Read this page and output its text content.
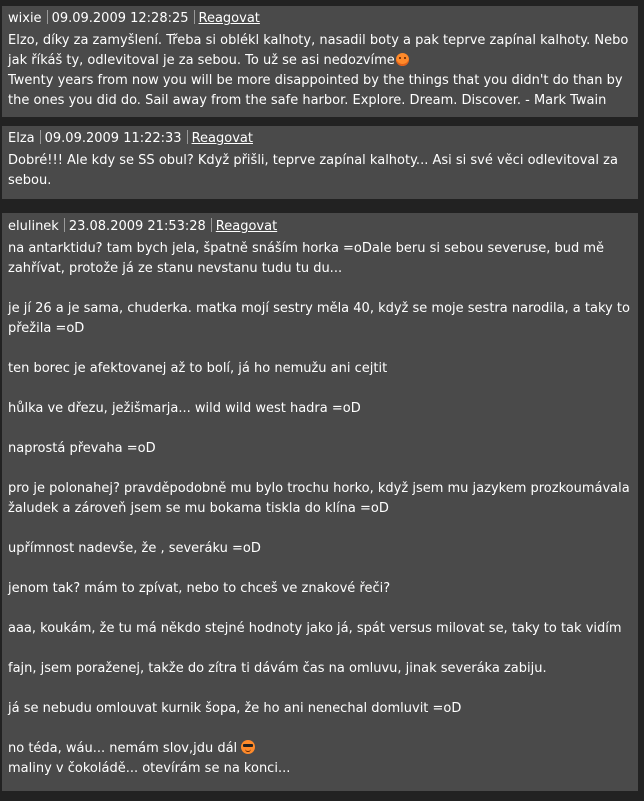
wixie 09.09.2009 12:28:25 Reagovat

Elzo, díky za zamyšlení. Třeba si oblékl kalhoty, nasadil boty a pak teprve zapínal kalhoty. Nebo jak říkáš ty, odlevitoval je za sebou. To už se asi nedozvíme

Twenty years from now you will be more disappointed by the things that you didn't do than by the ones you did do. Sail away from the safe harbor. Explore. Dream. Discover. - Mark Twain

Elza 09.09.2009 11:22:33 Reagovat

Dobré!!! Ale kdy se SS obul? Když přišli, teprve zapínal kalhoty... Asi si své věci odlevitoval za sebou.

elulinek 23.08.2009 21:53:28 Reagovat

na antarktidu? tam bych jela, špatně snáším horka =oDale beru si sebou severuse, bud mě zahřívat, protože já ze stanu nevstanu tudu tu du...

je jí 26 a je sama, chuderka. matka mojí sestry měla 40, když se moje sestra narodila, a taky to přežila =oD

ten borec je afektovanej až to bolí, já ho nemužu ani cejtit

hůlka ve dřezu, ježišmarja... wild wild west hadra =oD

naprostá převaha =oD

pro je polonahej? pravděpodobně mu bylo trochu horko, když jsem mu jazykem prozkoumávala žaludek a zároveň jsem se mu bokama tiskla do klína =oD

upřímnost nadevše, že , severáku =oD

jenom tak? mám to zpívat, nebo to chceš ve znakové řeči?

aaa, koukám, že tu má někdo stejné hodnoty jako já, spát versus milovat se, taky to tak vidím

fajn, jsem poraženej, takže do zítra ti dávám čas na omluvu, jinak severáka zabiju.

já se nebudu omlouvat kurnik šopa, že ho ani nenechal domluvit =oD

no téda, wáu... nemám slov,jdu dál

maliny v čokoládě... otevírám se na konci...
